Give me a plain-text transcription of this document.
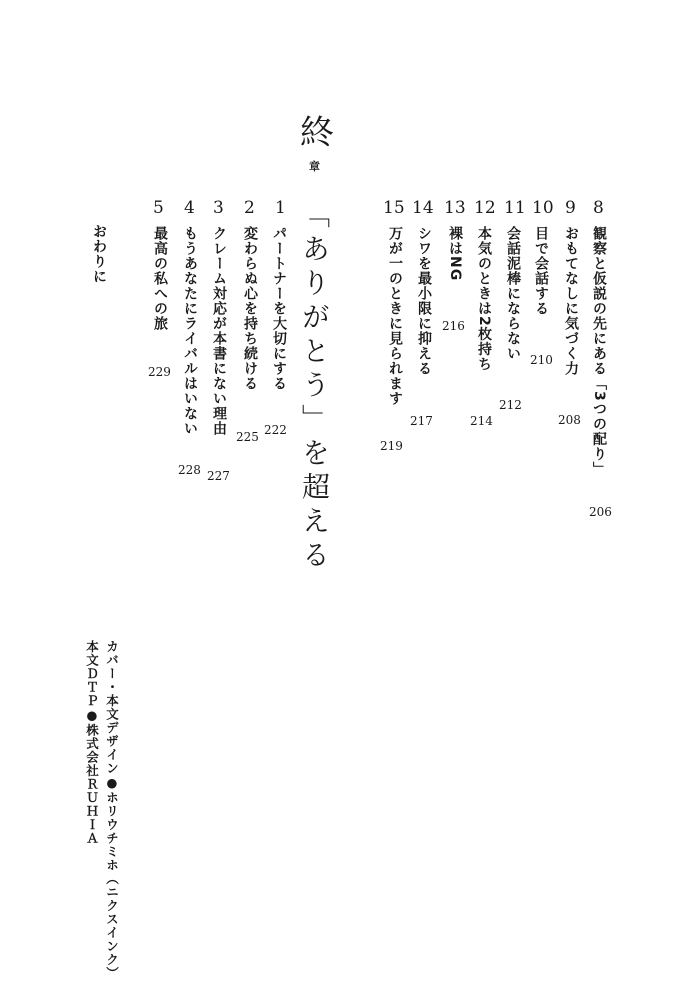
8
観察と仮説の先にある「3つの配り」
206
9
おもてなしに気づく力
208
10
目で会話する
210
11
会話泥棒にならない
212
12
本気のときは2枚持ち
214
13
裸はNG
216
14
シワを最小限に抑える
217
15
万が一のときに見られます
219
終
章
「ありがとう」を超える
1
パートナーを大切にする
222
2
変わらぬ心を持ち続ける
225
3
クレーム対応が本書にない理由
227
4
もうあなたにライバルはいない
228
5
最高の私への旅
229
おわりに
カバー・本文デザイン●ホリウチミホ（ニクスインク）
本文ＤＴＰ●株式会社ＲＵＨＩＡ
